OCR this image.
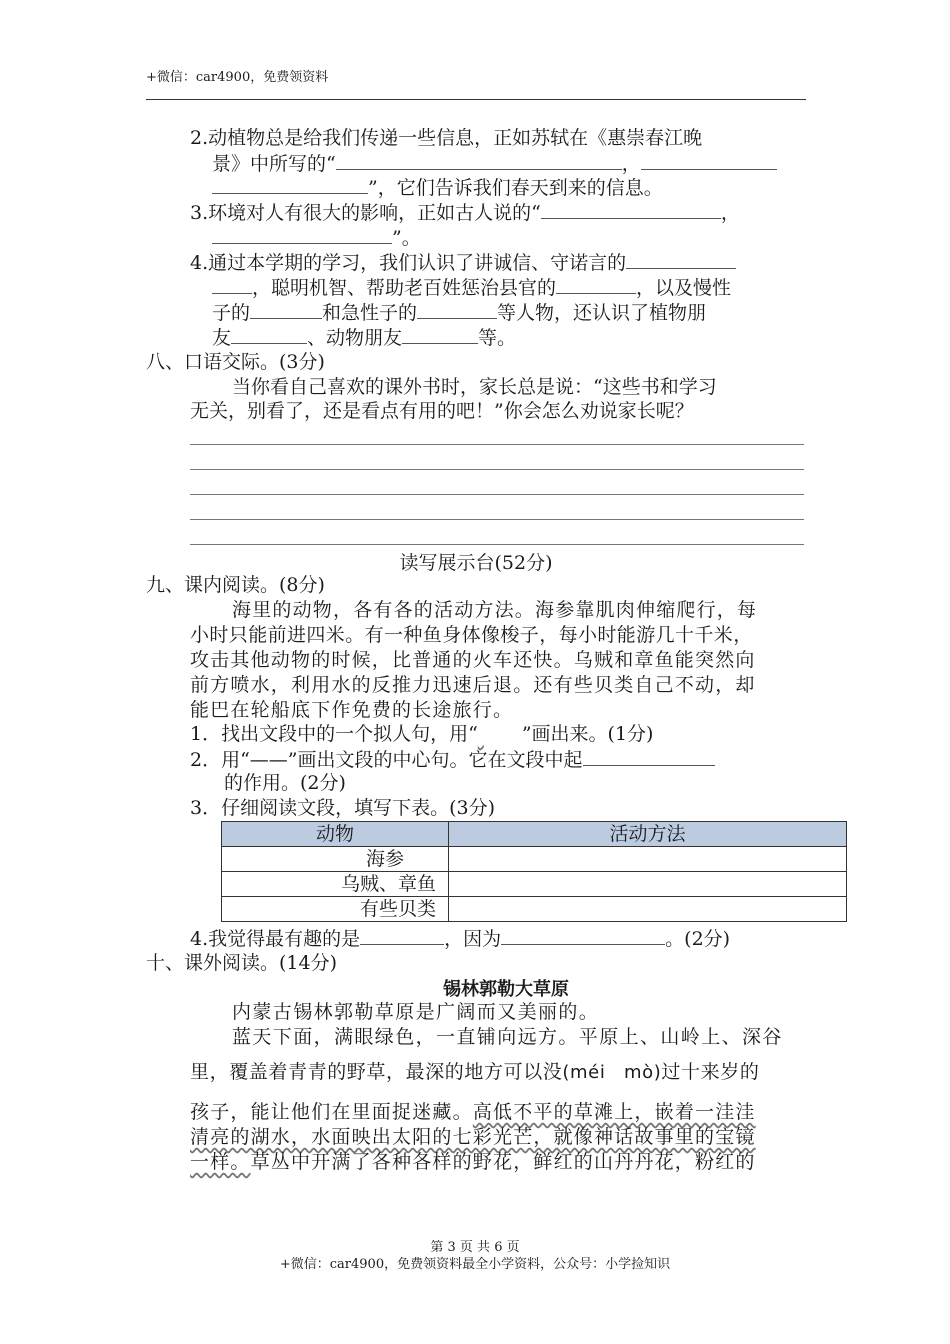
+微信：car4900，免费领资料
2.动植物总是给我们传递一些信息，正如苏轼在《惠崇春江晚
景》中所写的“	，
”，它们告诉我们春天到来的信息。
3.环境对人有很大的影响，正如古人说的“	，
”。
4.通过本学期的学习，我们认识了讲诚信、守诺言的
，聪明机智、帮助老百姓惩治县官的	，以及慢性
子的	和急性子的	等人物，还认识了植物朋
友	、动物朋友	等。
八、口语交际。(3分)
当你看自己喜欢的课外书时，家长总是说：“这些书和学习
无关，别看了，还是看点有用的吧！”你会怎么劝说家长呢？
读写展示台(52分)
九、课内阅读。(8分)
海里的动物，各有各的活动方法。海参靠肌肉伸缩爬行，每
小时只能前进四米。有一种鱼身体像梭子，每小时能游几十千米，
攻击其他动物的时候，比普通的火车还快。乌贼和章鱼能突然向
前方喷水，利用水的反推力迅速后退。还有些贝类自己不动，却
能巴在轮船底下作免费的长途旅行。
1．找出文段中的一个拟人句，用“ ”画出来。(1分)
2．用“——”画出文段的中心句。它在文段中起
的作用。(2分)
3．仔细阅读文段，填写下表。(3分)
动物	活动方法
海参	
乌贼、章鱼	
有些贝类	
4.我觉得最有趣的是	，因为	。(2分)
十、课外阅读。(14分)
锡林郭勒大草原
内蒙古锡林郭勒草原是广阔而又美丽的。
蓝天下面，满眼绿色，一直铺向远方。平原上、山岭上、深谷
里，覆盖着青青的野草，最深的地方可以没(méi　mò)过十来岁的
孩子，能让他们在里面捉迷藏。高低不平的草滩上，嵌着一洼洼
清亮的湖水，水面映出太阳的七彩光芒，就像神话故事里的宝镜
一样。草丛中开满了各种各样的野花，鲜红的山丹丹花，粉红的
第 3 页 共 6 页
+微信：car4900，免费领资料最全小学资料，公众号：小学捡知识
